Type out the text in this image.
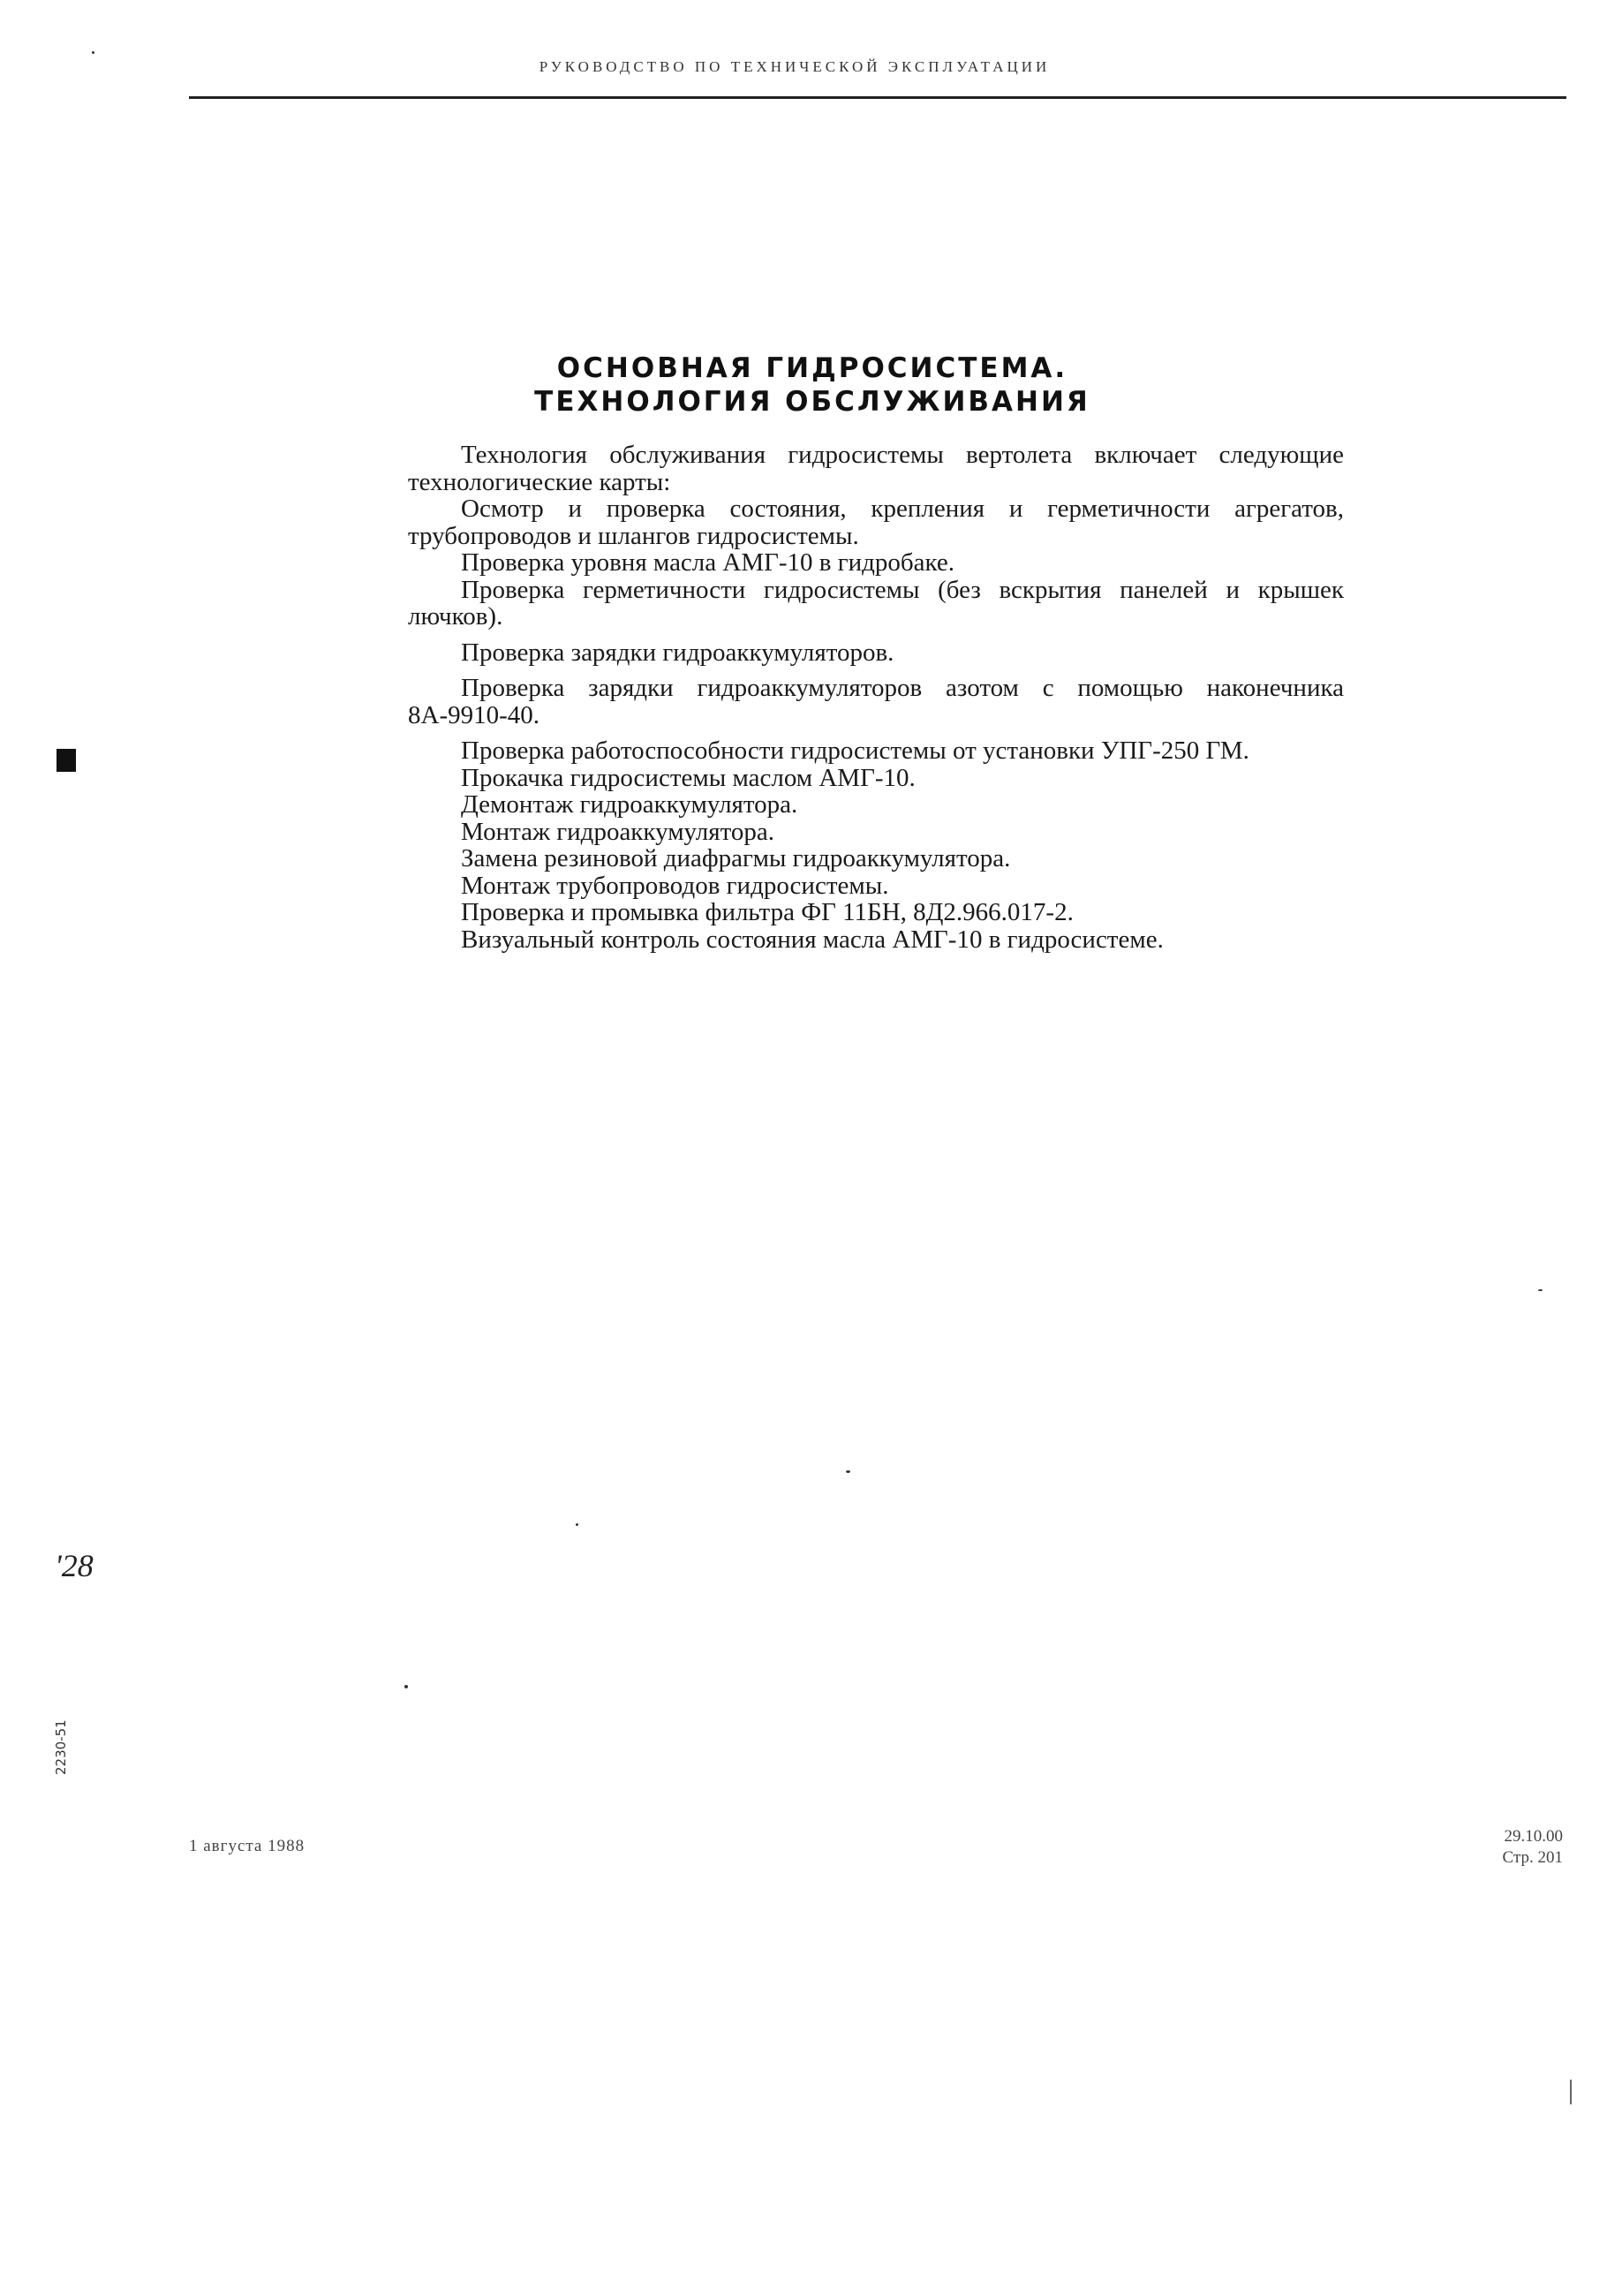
РУКОВОДСТВО ПО ТЕХНИЧЕСКОЙ ЭКСПЛУАТАЦИИ
ОСНОВНАЯ ГИДРОСИСТЕМА.
ТЕХНОЛОГИЯ ОБСЛУЖИВАНИЯ

Технология обслуживания гидросистемы вертолета включает следующие технологические карты:

Осмотр и проверка состояния, крепления и герметичности агрегатов, трубопроводов и шлангов гидросистемы.

Проверка уровня масла АМГ-10 в гидробаке.

Проверка герметичности гидросистемы (без вскрытия панелей и крышек лючков).

Проверка зарядки гидроаккумуляторов.

Проверка зарядки гидроаккумуляторов азотом с помощью наконечника 8А-9910-40.

Проверка работоспособности гидросистемы от установки УПГ-250 ГМ.

Прокачка гидросистемы маслом АМГ-10.

Демонтаж гидроаккумулятора.

Монтаж гидроаккумулятора.

Замена резиновой диафрагмы гидроаккумулятора.

Монтаж трубопроводов гидросистемы.

Проверка и промывка фильтра ФГ 11БН, 8Д2.966.017-2.

Визуальный контроль состояния масла АМГ-10 в гидросистеме.

'28
2230-51
1 августа 1988
29.10.00
Стр. 201
